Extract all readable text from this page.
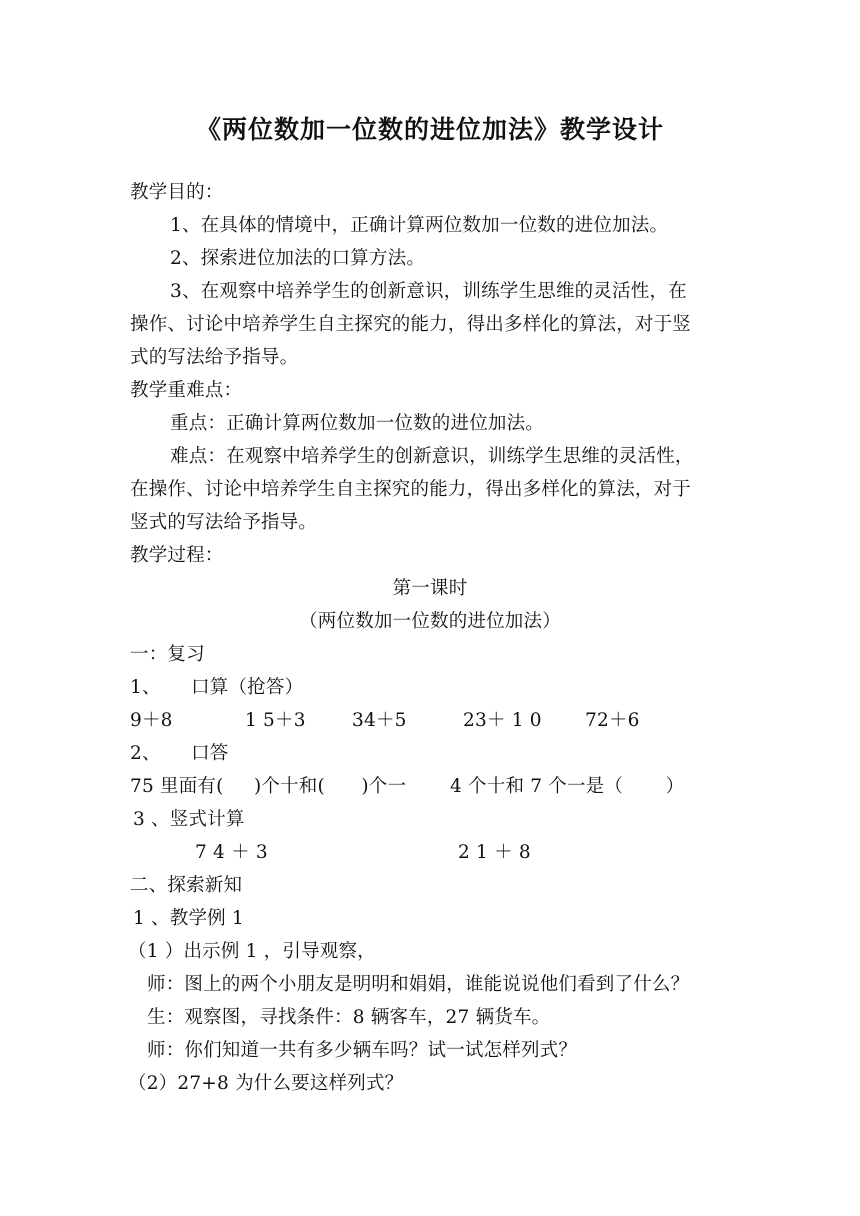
《两位数加一位数的进位加法》教学设计
教学目的：
1、在具体的情境中，正确计算两位数加一位数的进位加法。
2、探索进位加法的口算方法。
3、在观察中培养学生的创新意识，训练学生思维的灵活性，在
操作、讨论中培养学生自主探究的能力，得出多样化的算法，对于竖
式的写法给予指导。
教学重难点：
重点：正确计算两位数加一位数的进位加法。
难点：在观察中培养学生的创新意识，训练学生思维的灵活性，
在操作、讨论中培养学生自主探究的能力，得出多样化的算法，对于
竖式的写法给予指导。
教学过程：
第一课时
（两位数加一位数的进位加法）
一：复习
1、     口算（抢答）
9＋8	1 5＋3	34＋5	23＋ 1 0 72＋6
2、     口答
75 里面有(     )个十和(      )个一 4 个十和 7 个一是（       ）
3 、竖式计算
7 4 ＋ 3	2 1 ＋ 8
二、探索新知
1 、教学例 1
（1 ）出示例 1 ，引导观察，
师：图上的两个小朋友是明明和娟娟，谁能说说他们看到了什么？
生：观察图，寻找条件：8 辆客车，27 辆货车。
师：你们知道一共有多少辆车吗？试一试怎样列式？
（2）27+8 为什么要这样列式？
